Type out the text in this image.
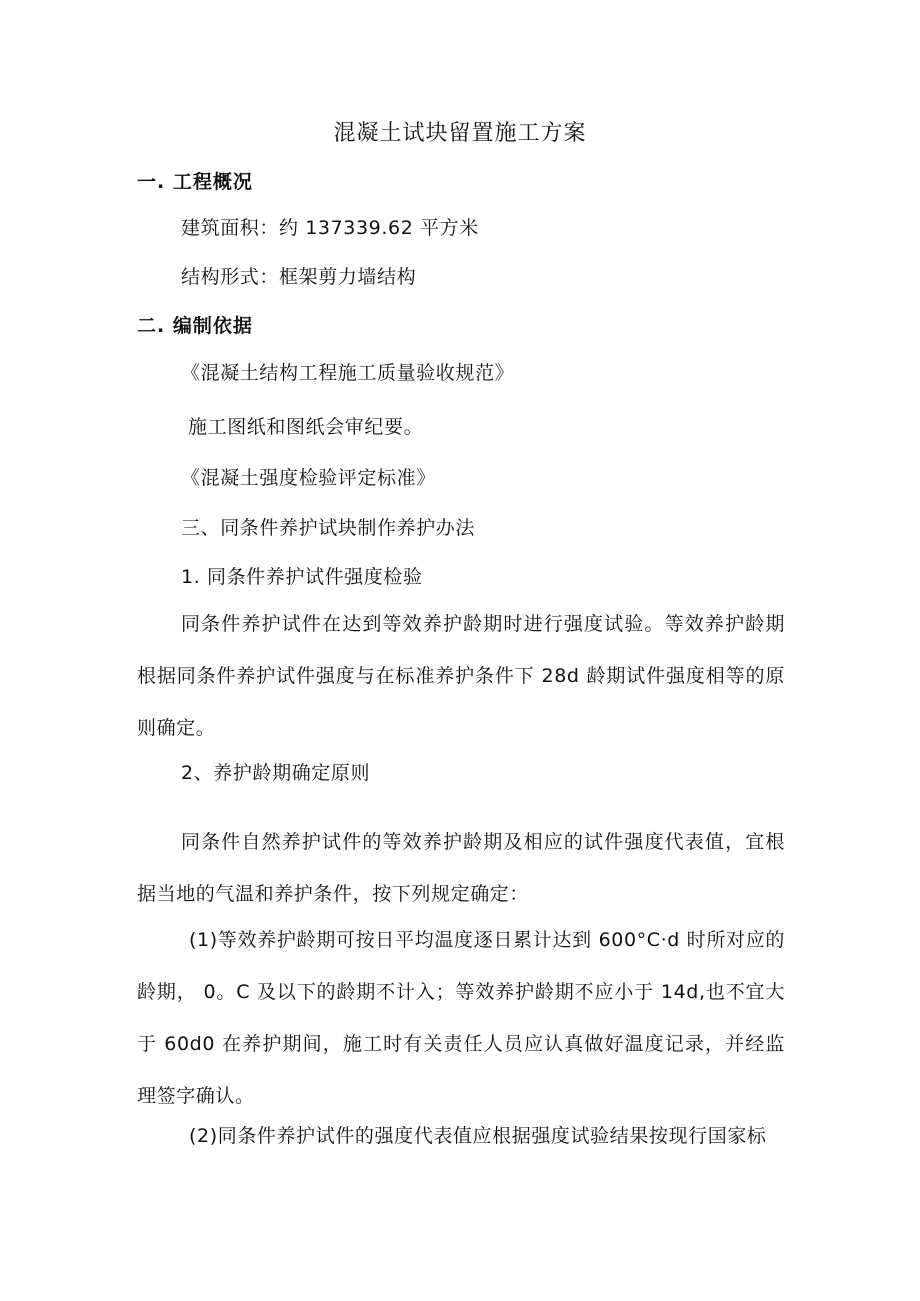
混凝土试块留置施工方案
一. 工程概况
建筑面积：约 137339.62 平方米
结构形式：框架剪力墙结构
二. 编制依据
《混凝土结构工程施工质量验收规范》
施工图纸和图纸会审纪要。
《混凝土强度检验评定标准》
三、同条件养护试块制作养护办法
1. 同条件养护试件强度检验
同条件养护试件在达到等效养护龄期时进行强度试验。等效养护龄期根据同条件养护试件强度与在标准养护条件下 28d 龄期试件强度相等的原则确定。
2、养护龄期确定原则
同条件自然养护试件的等效养护龄期及相应的试件强度代表值，宜根据当地的气温和养护条件，按下列规定确定：
(1)等效养护龄期可按日平均温度逐日累计达到 600°C·d 时所对应的龄期， 0。C 及以下的龄期不计入；等效养护龄期不应小于 14d,也不宜大于 60d0 在养护期间，施工时有关责任人员应认真做好温度记录，并经监理签字确认。
(2)同条件养护试件的强度代表值应根据强度试验结果按现行国家标
